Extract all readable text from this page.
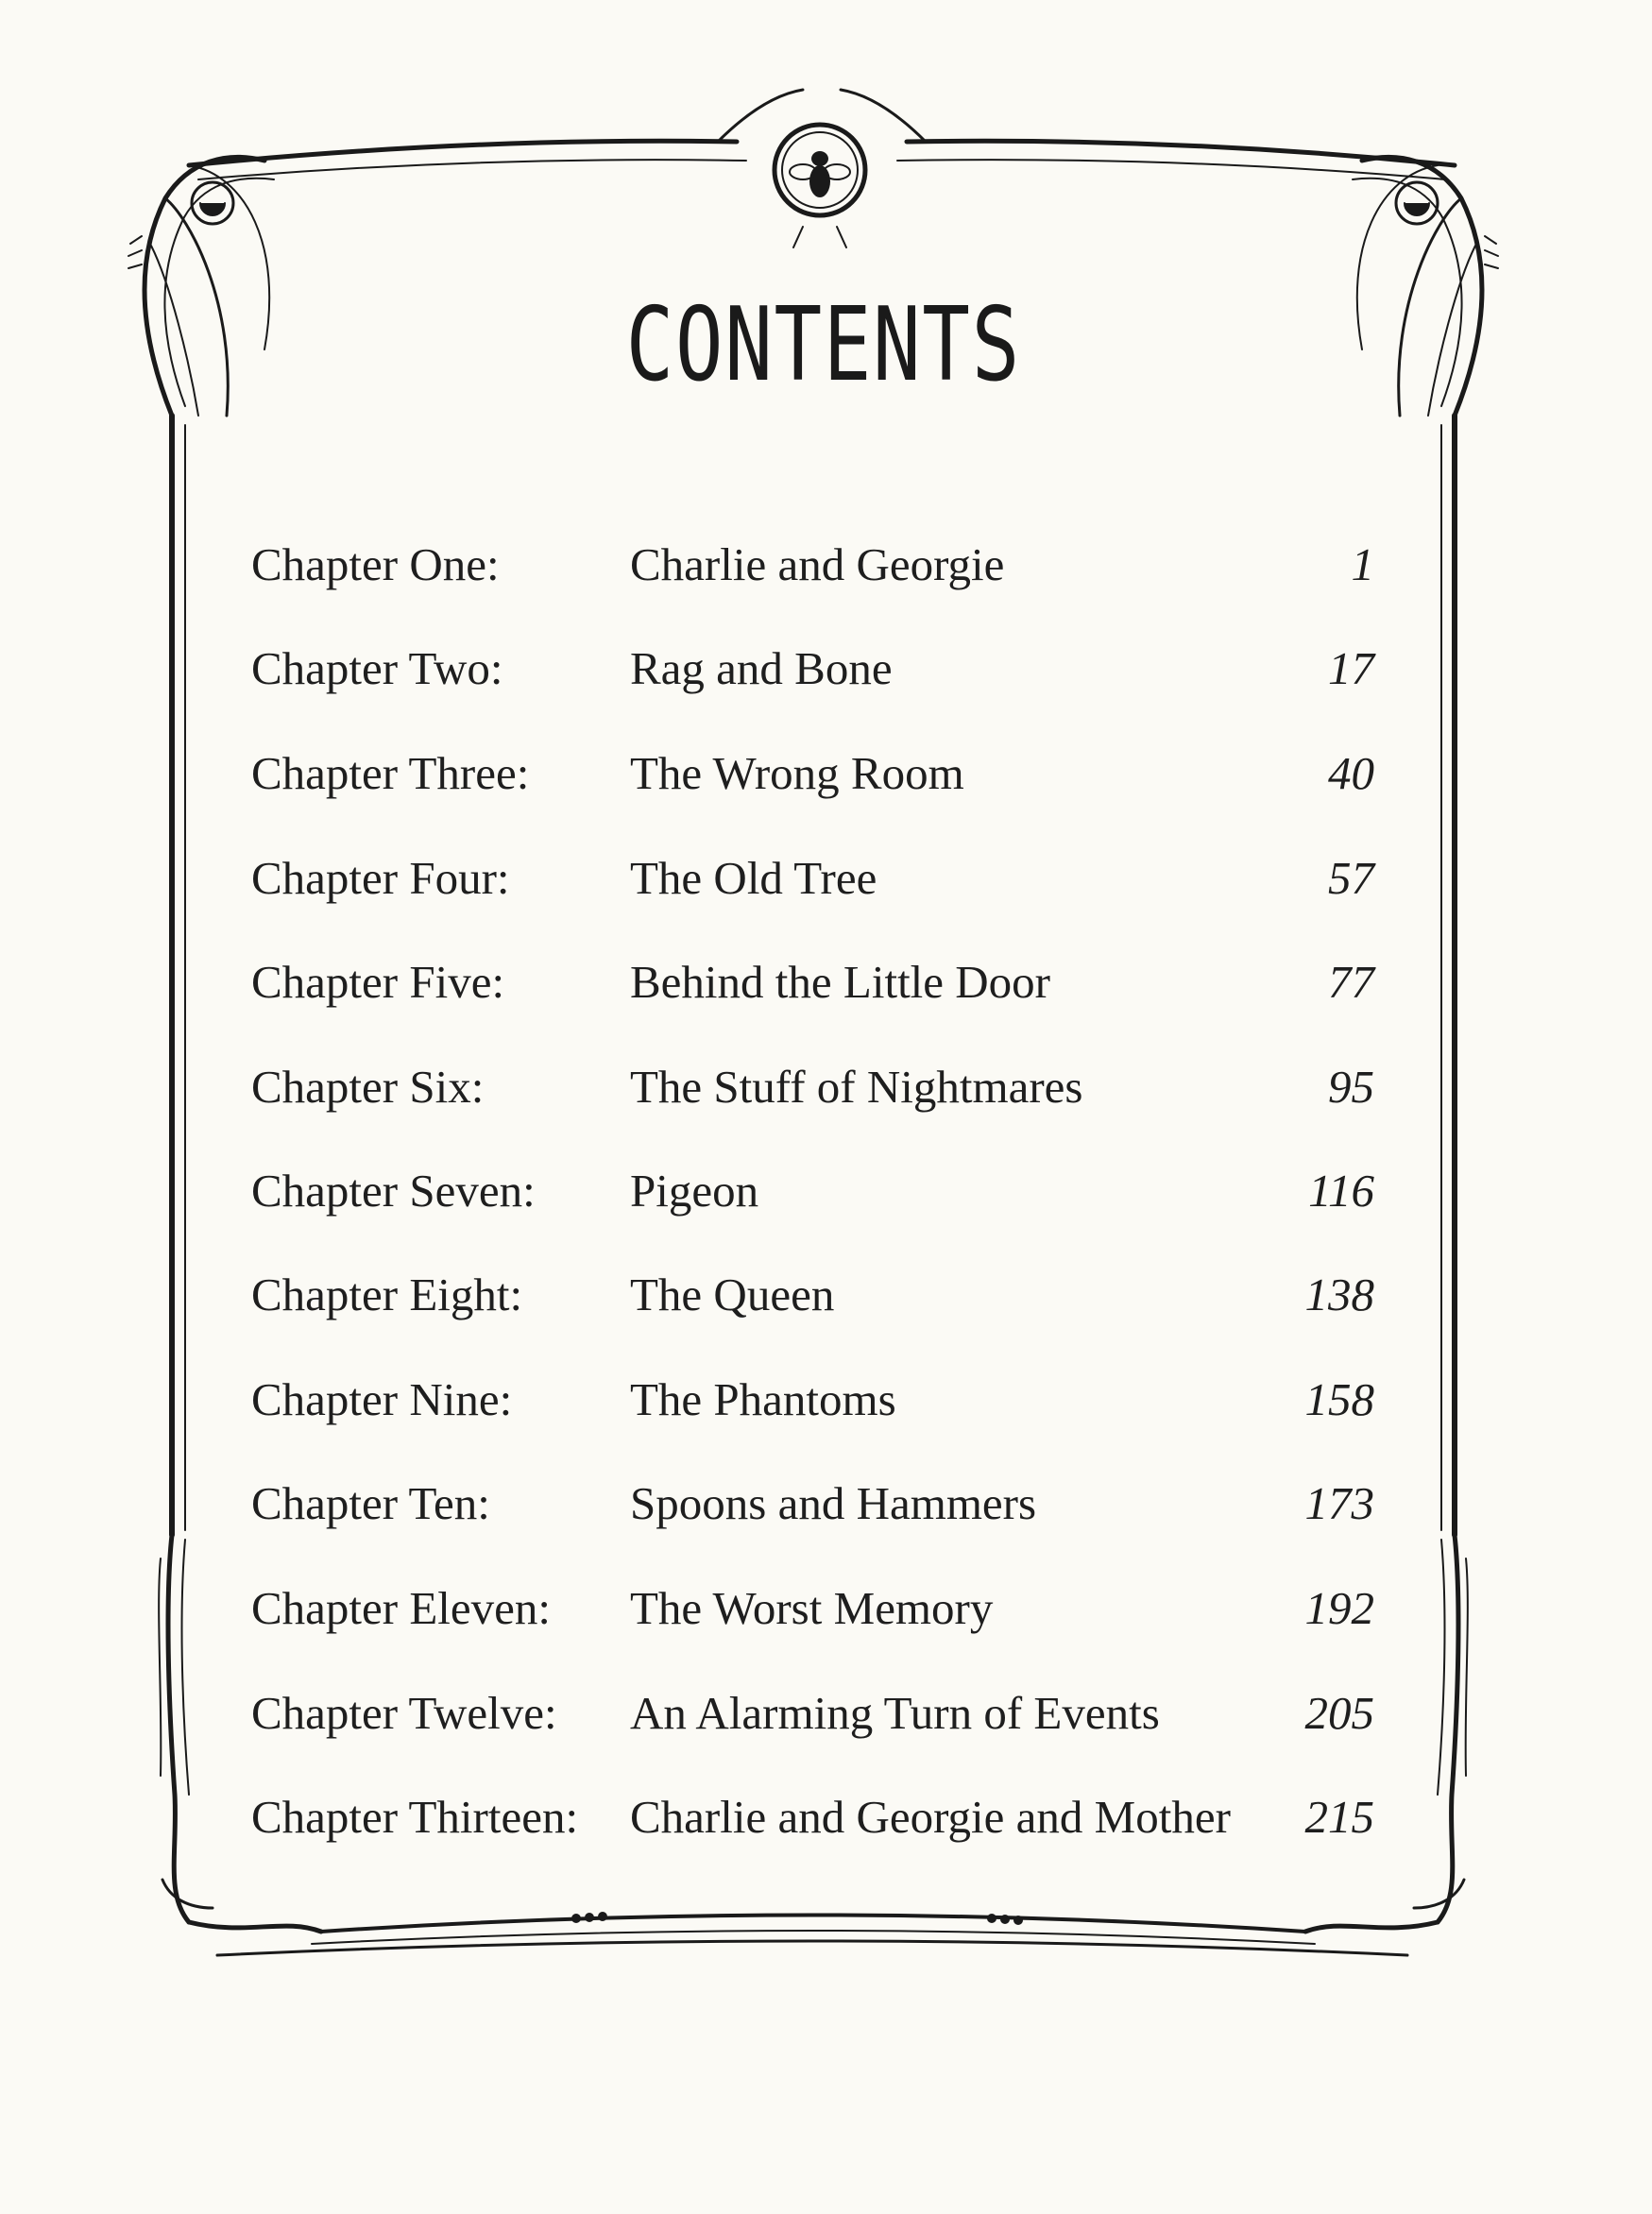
CONTENTS
Chapter One:	Charlie and Georgie	1
Chapter Two:	Rag and Bone	17
Chapter Three: The Wrong Room	40
Chapter Four:	The Old Tree	57
Chapter Five:	Behind the Little Door	77
Chapter Six:	The Stuff of Nightmares	95
Chapter Seven: Pigeon	116
Chapter Eight: The Queen	138
Chapter Nine:	The Phantoms	158
Chapter Ten:	Spoons and Hammers	173
Chapter Eleven: The Worst Memory	192
Chapter Twelve: An Alarming Turn of Events	205
Chapter Thirteen: Charlie and Georgie and Mother 215
